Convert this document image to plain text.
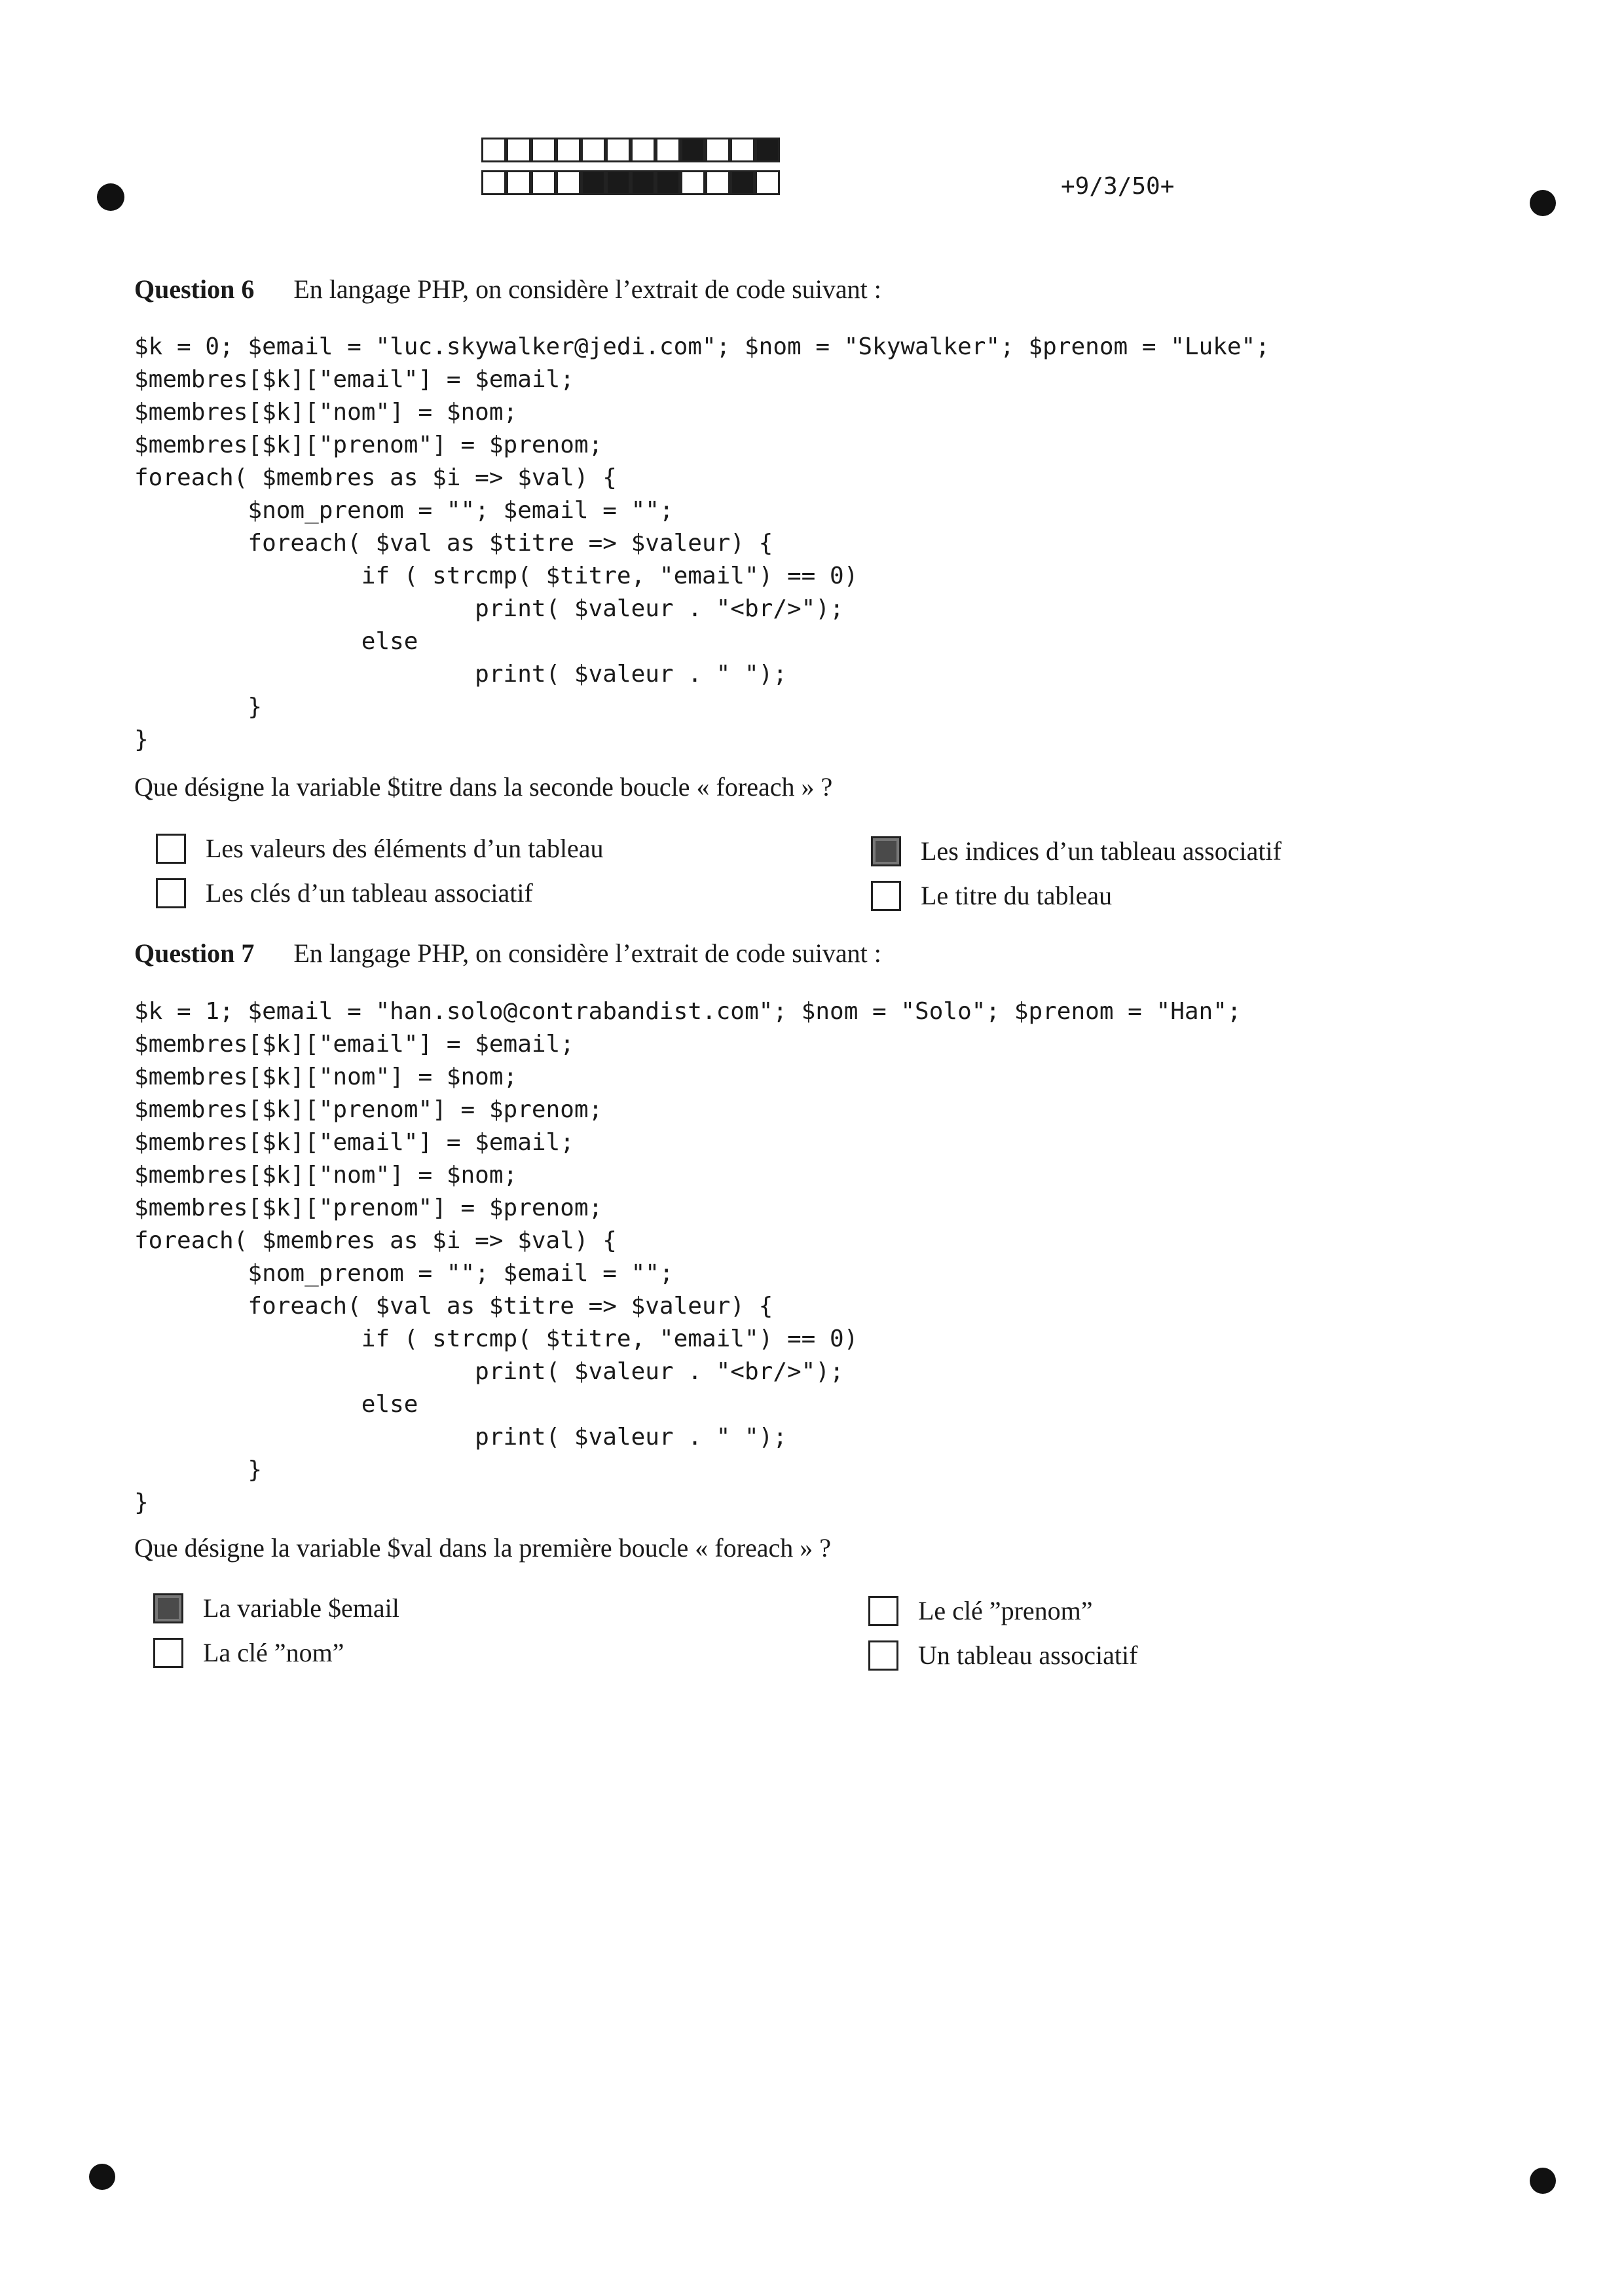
+9/3/50+
Question 6 En langage PHP, on considère l’extrait de code suivant :
$k = 0; $email = "luc.skywalker@jedi.com"; $nom = "Skywalker"; $prenom = "Luke";
$membres[$k]["email"] = $email;
$membres[$k]["nom"] = $nom;
$membres[$k]["prenom"] = $prenom;
foreach( $membres as $i => $val) {
$nom_prenom = ""; $email = "";
foreach( $val as $titre => $valeur) {
if ( strcmp( $titre, "email") == 0)
print( $valeur . "<br/>");
else
print( $valeur . " ");
}
}
Que désigne la variable $titre dans la seconde boucle « foreach » ?
Les valeurs des éléments d’un tableau	Les indices d’un tableau associatif
Les clés d’un tableau associatif	Le titre du tableau
Question 7 En langage PHP, on considère l’extrait de code suivant :
$k = 1; $email = "han.solo@contrabandist.com"; $nom = "Solo"; $prenom = "Han";
$membres[$k]["email"] = $email;
$membres[$k]["nom"] = $nom;
$membres[$k]["prenom"] = $prenom;
$membres[$k]["email"] = $email;
$membres[$k]["nom"] = $nom;
$membres[$k]["prenom"] = $prenom;
foreach( $membres as $i => $val) {
$nom_prenom = ""; $email = "";
foreach( $val as $titre => $valeur) {
if ( strcmp( $titre, "email") == 0)
print( $valeur . "<br/>");
else
print( $valeur . " ");
}
}
Que désigne la variable $val dans la première boucle « foreach » ?
La variable $email	Le clé ”prenom”
La clé ”nom”	Un tableau associatif
